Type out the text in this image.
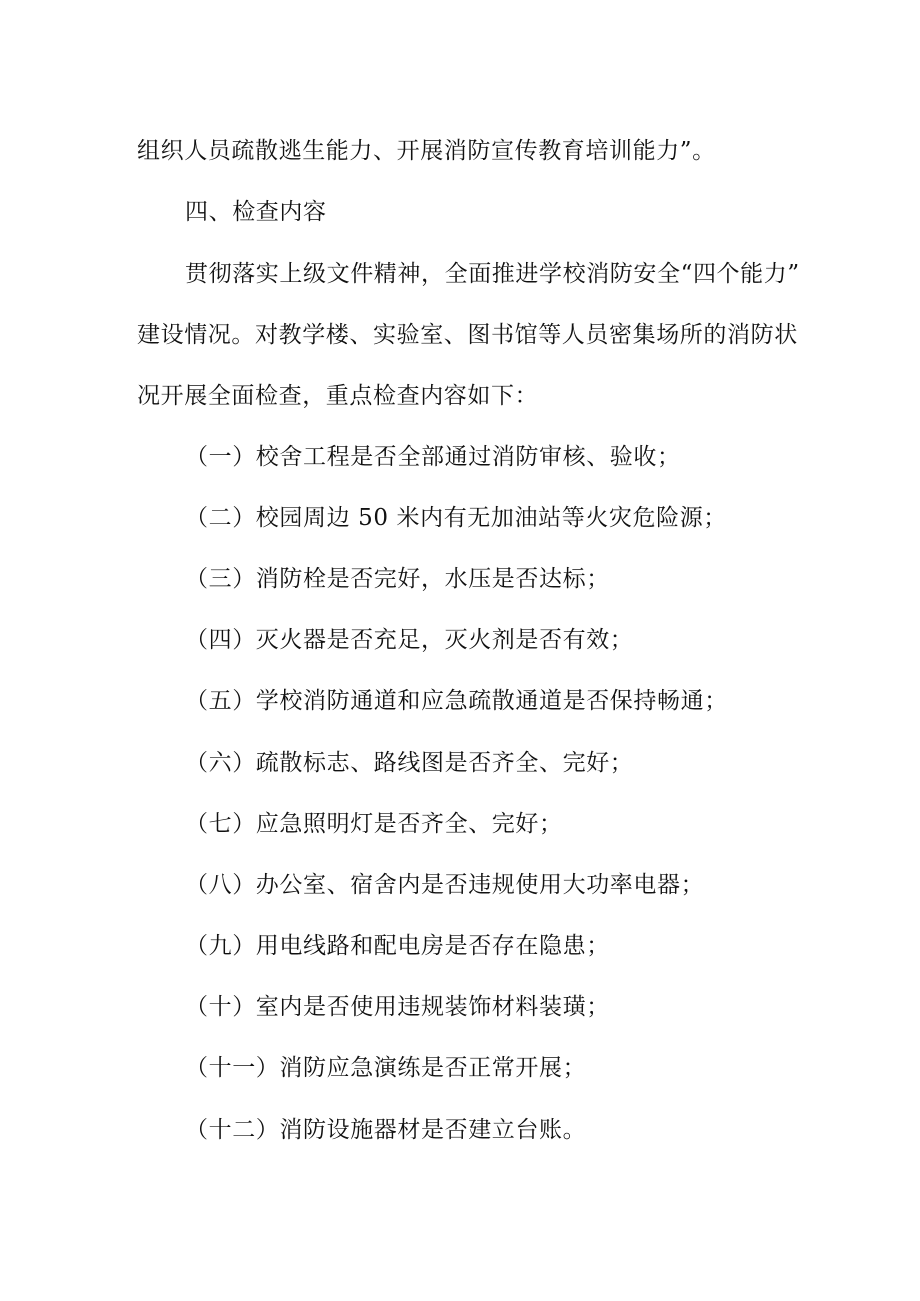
组织人员疏散逃生能力、开展消防宣传教育培训能力”。
四、检查内容
贯彻落实上级文件精神，全面推进学校消防安全“四个能力”
建设情况。对教学楼、实验室、图书馆等人员密集场所的消防状
况开展全面检查，重点检查内容如下：
（一）校舍工程是否全部通过消防审核、验收；
（二）校园周边 50 米内有无加油站等火灾危险源；
（三）消防栓是否完好，水压是否达标；
（四）灭火器是否充足，灭火剂是否有效；
（五）学校消防通道和应急疏散通道是否保持畅通；
（六）疏散标志、路线图是否齐全、完好；
（七）应急照明灯是否齐全、完好；
（八）办公室、宿舍内是否违规使用大功率电器；
（九）用电线路和配电房是否存在隐患；
（十）室内是否使用违规装饰材料装璜；
（十一）消防应急演练是否正常开展；
（十二）消防设施器材是否建立台账。
